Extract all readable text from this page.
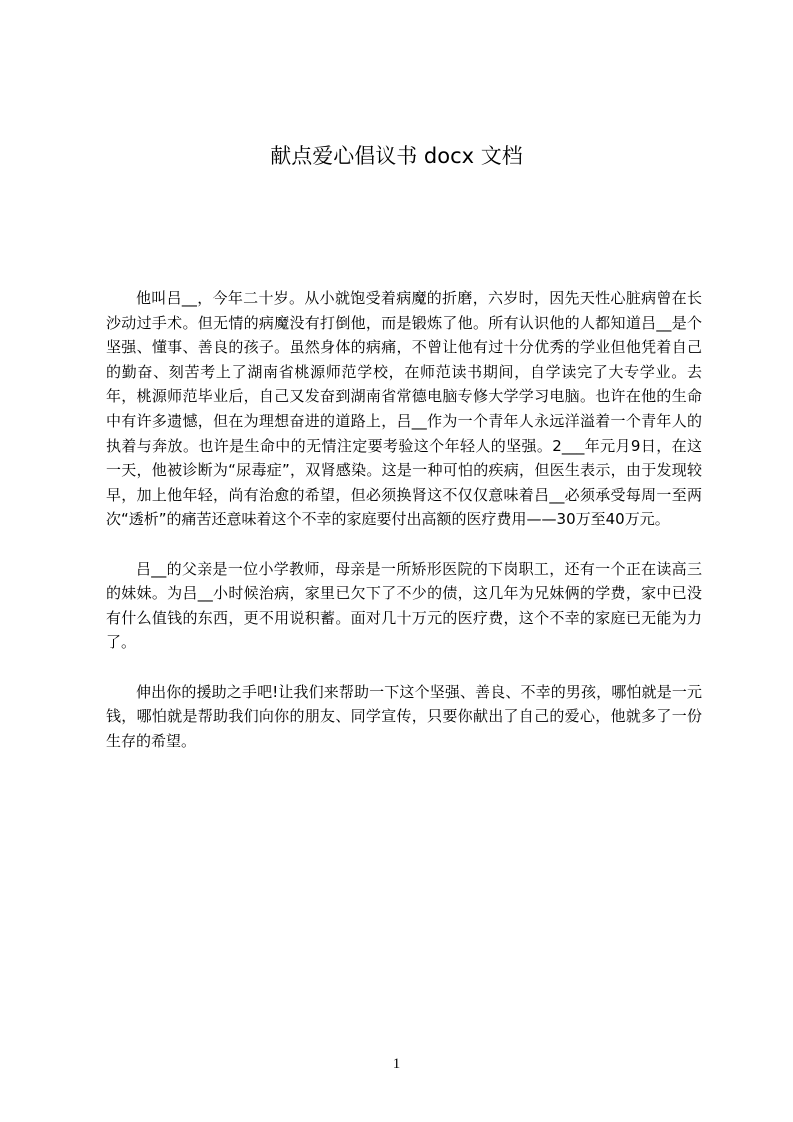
献点爱心倡议书 docx 文档

他叫吕__，今年二十岁。从小就饱受着病魔的折磨，六岁时，因先天性心脏病曾在长沙动过手术。但无情的病魔没有打倒他，而是锻炼了他。所有认识他的人都知道吕__是个坚强、懂事、善良的孩子。虽然身体的病痛，不曾让他有过十分优秀的学业但他凭着自己的勤奋、刻苦考上了湖南省桃源师范学校，在师范读书期间，自学读完了大专学业。去年，桃源师范毕业后，自己又发奋到湖南省常德电脑专修大学学习电脑。也许在他的生命中有许多遗憾，但在为理想奋进的道路上，吕__作为一个青年人永远洋溢着一个青年人的执着与奔放。也许是生命中的无情注定要考验这个年轻人的坚强。2___年元月9日，在这一天，他被诊断为“尿毒症”，双肾感染。这是一种可怕的疾病，但医生表示，由于发现较早，加上他年轻，尚有治愈的希望，但必须换肾这不仅仅意味着吕__必须承受每周一至两次“透析”的痛苦还意味着这个不幸的家庭要付出高额的医疗费用——30万至40万元。

吕__的父亲是一位小学教师，母亲是一所矫形医院的下岗职工，还有一个正在读高三的妹妹。为吕__小时候治病，家里已欠下了不少的债，这几年为兄妹俩的学费，家中已没有什么值钱的东西，更不用说积蓄。面对几十万元的医疗费，这个不幸的家庭已无能为力了。

伸出你的援助之手吧!让我们来帮助一下这个坚强、善良、不幸的男孩，哪怕就是一元钱，哪怕就是帮助我们向你的朋友、同学宣传，只要你献出了自己的爱心，他就多了一份生存的希望。

1
